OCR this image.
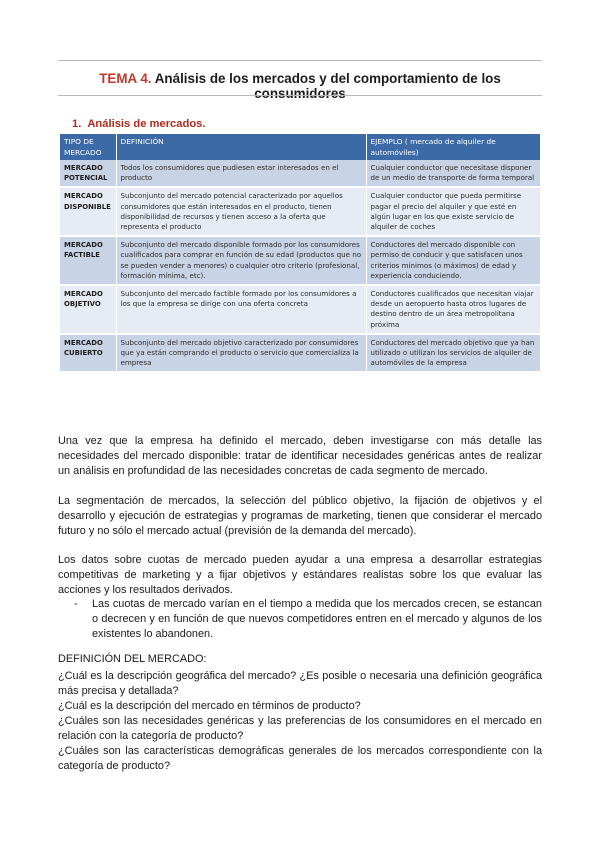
TEMA 4. Análisis de los mercados y del comportamiento de los consumidores
1. Análisis de mercados.
TIPO DE MERCADO	DEFINICIÓN	EJEMPLO ( mercado de alquiler de automóviles)
MERCADO POTENCIAL	Todos los consumidores que pudiesen estar interesados en el producto	Cualquier conductor que necesitase disponer de un medio de transporte de forma temporal
MERCADO DISPONIBLE	Subconjunto del mercado potencial caracterizado por aquellos consumidores que están interesados en el producto, tienen disponibilidad de recursos y tienen acceso a la oferta que representa el producto	Cualquier conductor que pueda permitirse pagar el precio del alquiler y que esté en algún lugar en los que existe servicio de alquiler de coches
MERCADO FACTIBLE	Subconjunto del mercado disponible formado por los consumidores cualificados para comprar en función de su edad (productos que no se pueden vender a menores) o cualquier otro criterio (profesional, formación mínima, etc).	Conductores del mercado disponible con permiso de conducir y que satisfacen unos criterios mínimos (o máximos) de edad y experiencia conduciendo.
MERCADO OBJETIVO	Subconjunto del mercado factible formado por los consumidores a los que la empresa se dirige con una oferta concreta	Conductores cualificados que necesitan viajar desde un aeropuerto hasta otros lugares de destino dentro de un área metropolitana próxima
MERCADO CUBIERTO	Subconjunto del mercado objetivo caracterizado por consumidores que ya están comprando el producto o servicio que comercializa la empresa	Conductores del mercado objetivo que ya han utilizado o utilizan los servicios de alquiler de automóviles de la empresa
Una vez que la empresa ha definido el mercado, deben investigarse con más detalle las necesidades del mercado disponible: tratar de identificar necesidades genéricas antes de realizar un análisis en profundidad de las necesidades concretas de cada segmento de mercado.
La segmentación de mercados, la selección del público objetivo, la fijación de objetivos y el desarrollo y ejecución de estrategias y programas de marketing, tienen que considerar el mercado futuro y no sólo el mercado actual (previsión de la demanda del mercado).
Los datos sobre cuotas de mercado pueden ayudar a una empresa a desarrollar estrategias competitivas de marketing y a fijar objetivos y estándares realistas sobre los que evaluar las acciones y los resultados derivados.
- Las cuotas de mercado varían en el tiempo a medida que los mercados crecen, se estancan o decrecen y en función de que nuevos competidores entren en el mercado y algunos de los existentes lo abandonen.
DEFINICIÓN DEL MERCADO:
¿Cuál es la descripción geográfica del mercado? ¿Es posible o necesaria una definición geográfica más precisa y detallada?
¿Cuál es la descripción del mercado en términos de producto?
¿Cuáles son las necesidades genéricas y las preferencias de los consumidores en el mercado en relación con la categoría de producto?
¿Cuáles son las características demográficas generales de los mercados correspondiente con la categoría de producto?
